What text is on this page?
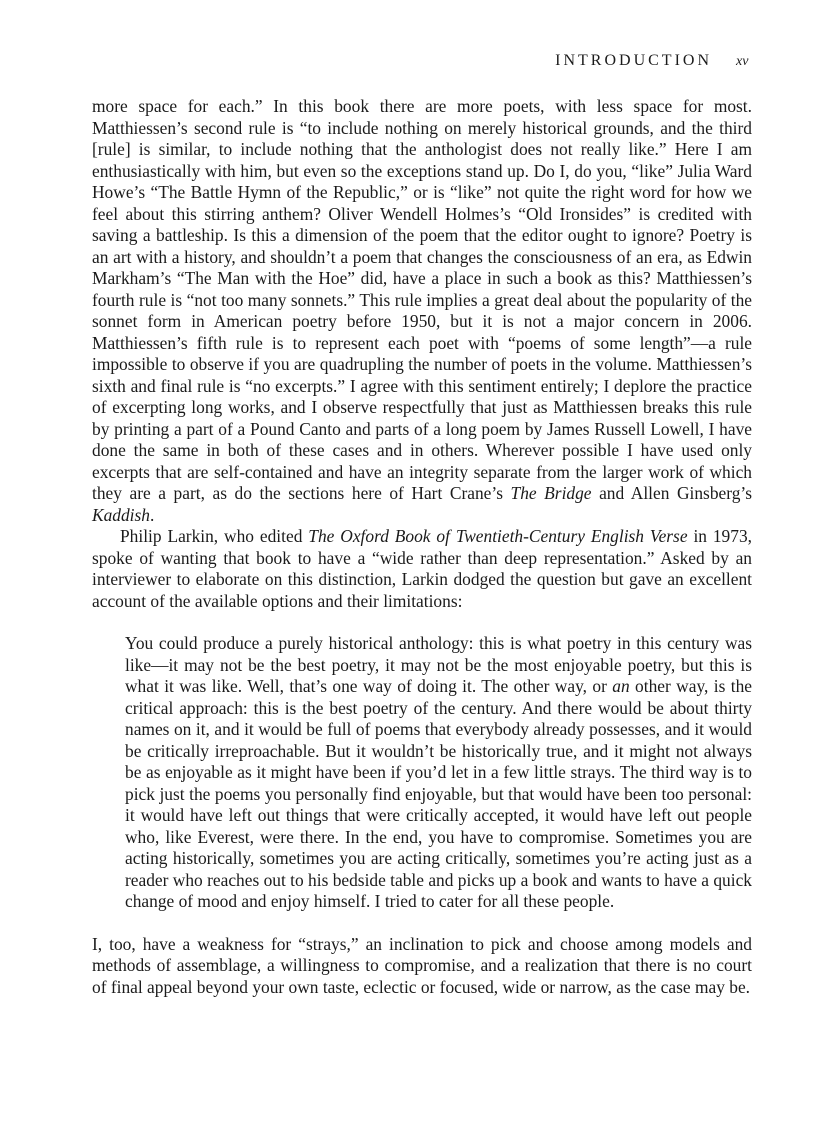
INTRODUCTION xv

more space for each.” In this book there are more poets, with less space for most. Matthiessen’s second rule is “to include nothing on merely historical grounds, and the third [rule] is similar, to include nothing that the anthologist does not really like.” Here I am enthusiastically with him, but even so the exceptions stand up. Do I, do you, “like” Julia Ward Howe’s “The Battle Hymn of the Republic,” or is “like” not quite the right word for how we feel about this stirring anthem? Oliver Wendell Holmes’s “Old Ironsides” is credited with saving a battleship. Is this a dimension of the poem that the editor ought to ignore? Poetry is an art with a history, and shouldn’t a poem that changes the consciousness of an era, as Edwin Markham’s “The Man with the Hoe” did, have a place in such a book as this? Matthiessen’s fourth rule is “not too many sonnets.” This rule implies a great deal about the popularity of the sonnet form in American poetry before 1950, but it is not a major concern in 2006. Matthiessen’s fifth rule is to represent each poet with “poems of some length”—a rule impossible to observe if you are quadrupling the number of poets in the volume. Matthiessen’s sixth and final rule is “no excerpts.” I agree with this sentiment entirely; I deplore the practice of excerpting long works, and I observe respectfully that just as Matthiessen breaks this rule by printing a part of a Pound Canto and parts of a long poem by James Russell Lowell, I have done the same in both of these cases and in others. Wherever possible I have used only excerpts that are self-contained and have an integrity separate from the larger work of which they are a part, as do the sections here of Hart Crane’s The Bridge and Allen Ginsberg’s Kaddish.

Philip Larkin, who edited The Oxford Book of Twentieth-Century English Verse in 1973, spoke of wanting that book to have a “wide rather than deep representation.” Asked by an interviewer to elaborate on this distinction, Larkin dodged the question but gave an excellent account of the available options and their limitations:

You could produce a purely historical anthology: this is what poetry in this century was like—it may not be the best poetry, it may not be the most enjoyable poetry, but this is what it was like. Well, that’s one way of doing it. The other way, or an other way, is the critical approach: this is the best poetry of the century. And there would be about thirty names on it, and it would be full of poems that everybody already possesses, and it would be critically irreproachable. But it wouldn’t be historically true, and it might not always be as enjoyable as it might have been if you’d let in a few little strays. The third way is to pick just the poems you personally find enjoyable, but that would have been too personal: it would have left out things that were critically accepted, it would have left out people who, like Everest, were there. In the end, you have to compromise. Sometimes you are acting historically, sometimes you are acting critically, sometimes you’re acting just as a reader who reaches out to his bedside table and picks up a book and wants to have a quick change of mood and enjoy himself. I tried to cater for all these people.

I, too, have a weakness for “strays,” an inclination to pick and choose among models and methods of assemblage, a willingness to compromise, and a realization that there is no court of final appeal beyond your own taste, eclectic or focused, wide or narrow, as the case may be.
